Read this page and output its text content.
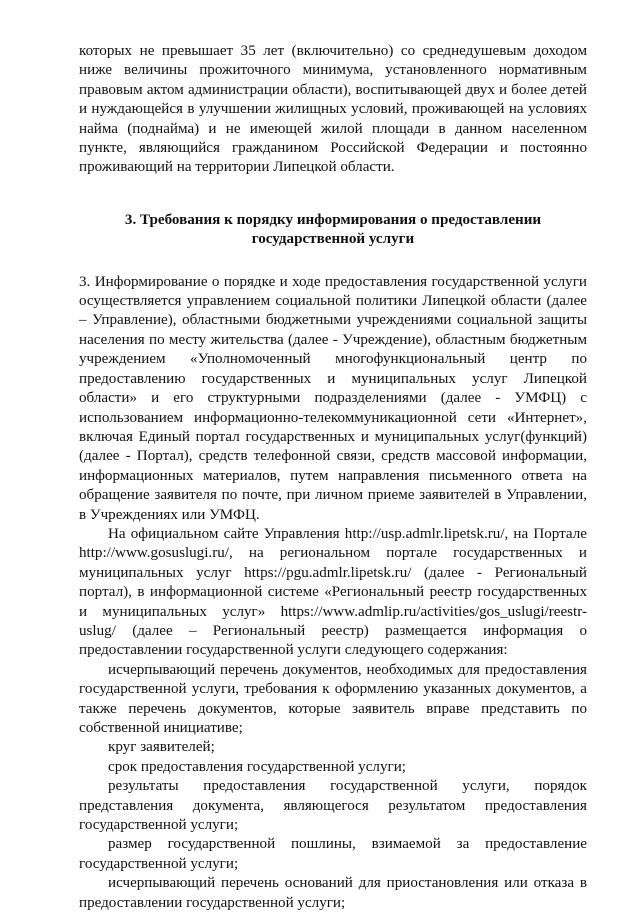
которых не превышает 35 лет (включительно) со среднедушевым доходом ниже величины прожиточного минимума, установленного нормативным правовым актом администрации области), воспитывающей двух и более детей и нуждающейся в улучшении жилищных условий, проживающей на условиях найма (поднайма) и не имеющей жилой площади в данном населенном пункте, являющийся гражданином Российской Федерации и постоянно проживающий на территории Липецкой области.

3. Требования к порядку информирования о предоставлении государственной услуги

3. Информирование о порядке и ходе предоставления государственной услуги осуществляется управлением социальной политики Липецкой области (далее – Управление), областными бюджетными учреждениями социальной защиты населения по месту жительства (далее - Учреждение), областным бюджетным учреждением «Уполномоченный многофункциональный центр по предоставлению государственных и муниципальных услуг Липецкой области» и его структурными подразделениями (далее - УМФЦ) с использованием информационно-телекоммуникационной сети «Интернет», включая Единый портал государственных и муниципальных услуг(функций) (далее - Портал), средств телефонной связи, средств массовой информации, информационных материалов, путем направления письменного ответа на обращение заявителя по почте, при личном приеме заявителей в Управлении, в Учреждениях или УМФЦ.

На официальном сайте Управления http://usp.admlr.lipetsk.ru/, на Портале http://www.gosuslugi.ru/, на региональном портале государственных и муниципальных услуг https://pgu.admlr.lipetsk.ru/ (далее - Региональный портал), в информационной системе «Региональный реестр государственных и муниципальных услуг» https://www.admlip.ru/activities/gos_uslugi/reestr-uslug/ (далее – Региональный реестр) размещается информация о предоставлении государственной услуги следующего содержания:

исчерпывающий перечень документов, необходимых для предоставления государственной услуги, требования к оформлению указанных документов, а также перечень документов, которые заявитель вправе представить по собственной инициативе;

круг заявителей;

срок предоставления государственной услуги;

результаты предоставления государственной услуги, порядок представления документа, являющегося результатом предоставления государственной услуги;

размер государственной пошлины, взимаемой за предоставление государственной услуги;

исчерпывающий перечень оснований для приостановления или отказа в предоставлении государственной услуги;
